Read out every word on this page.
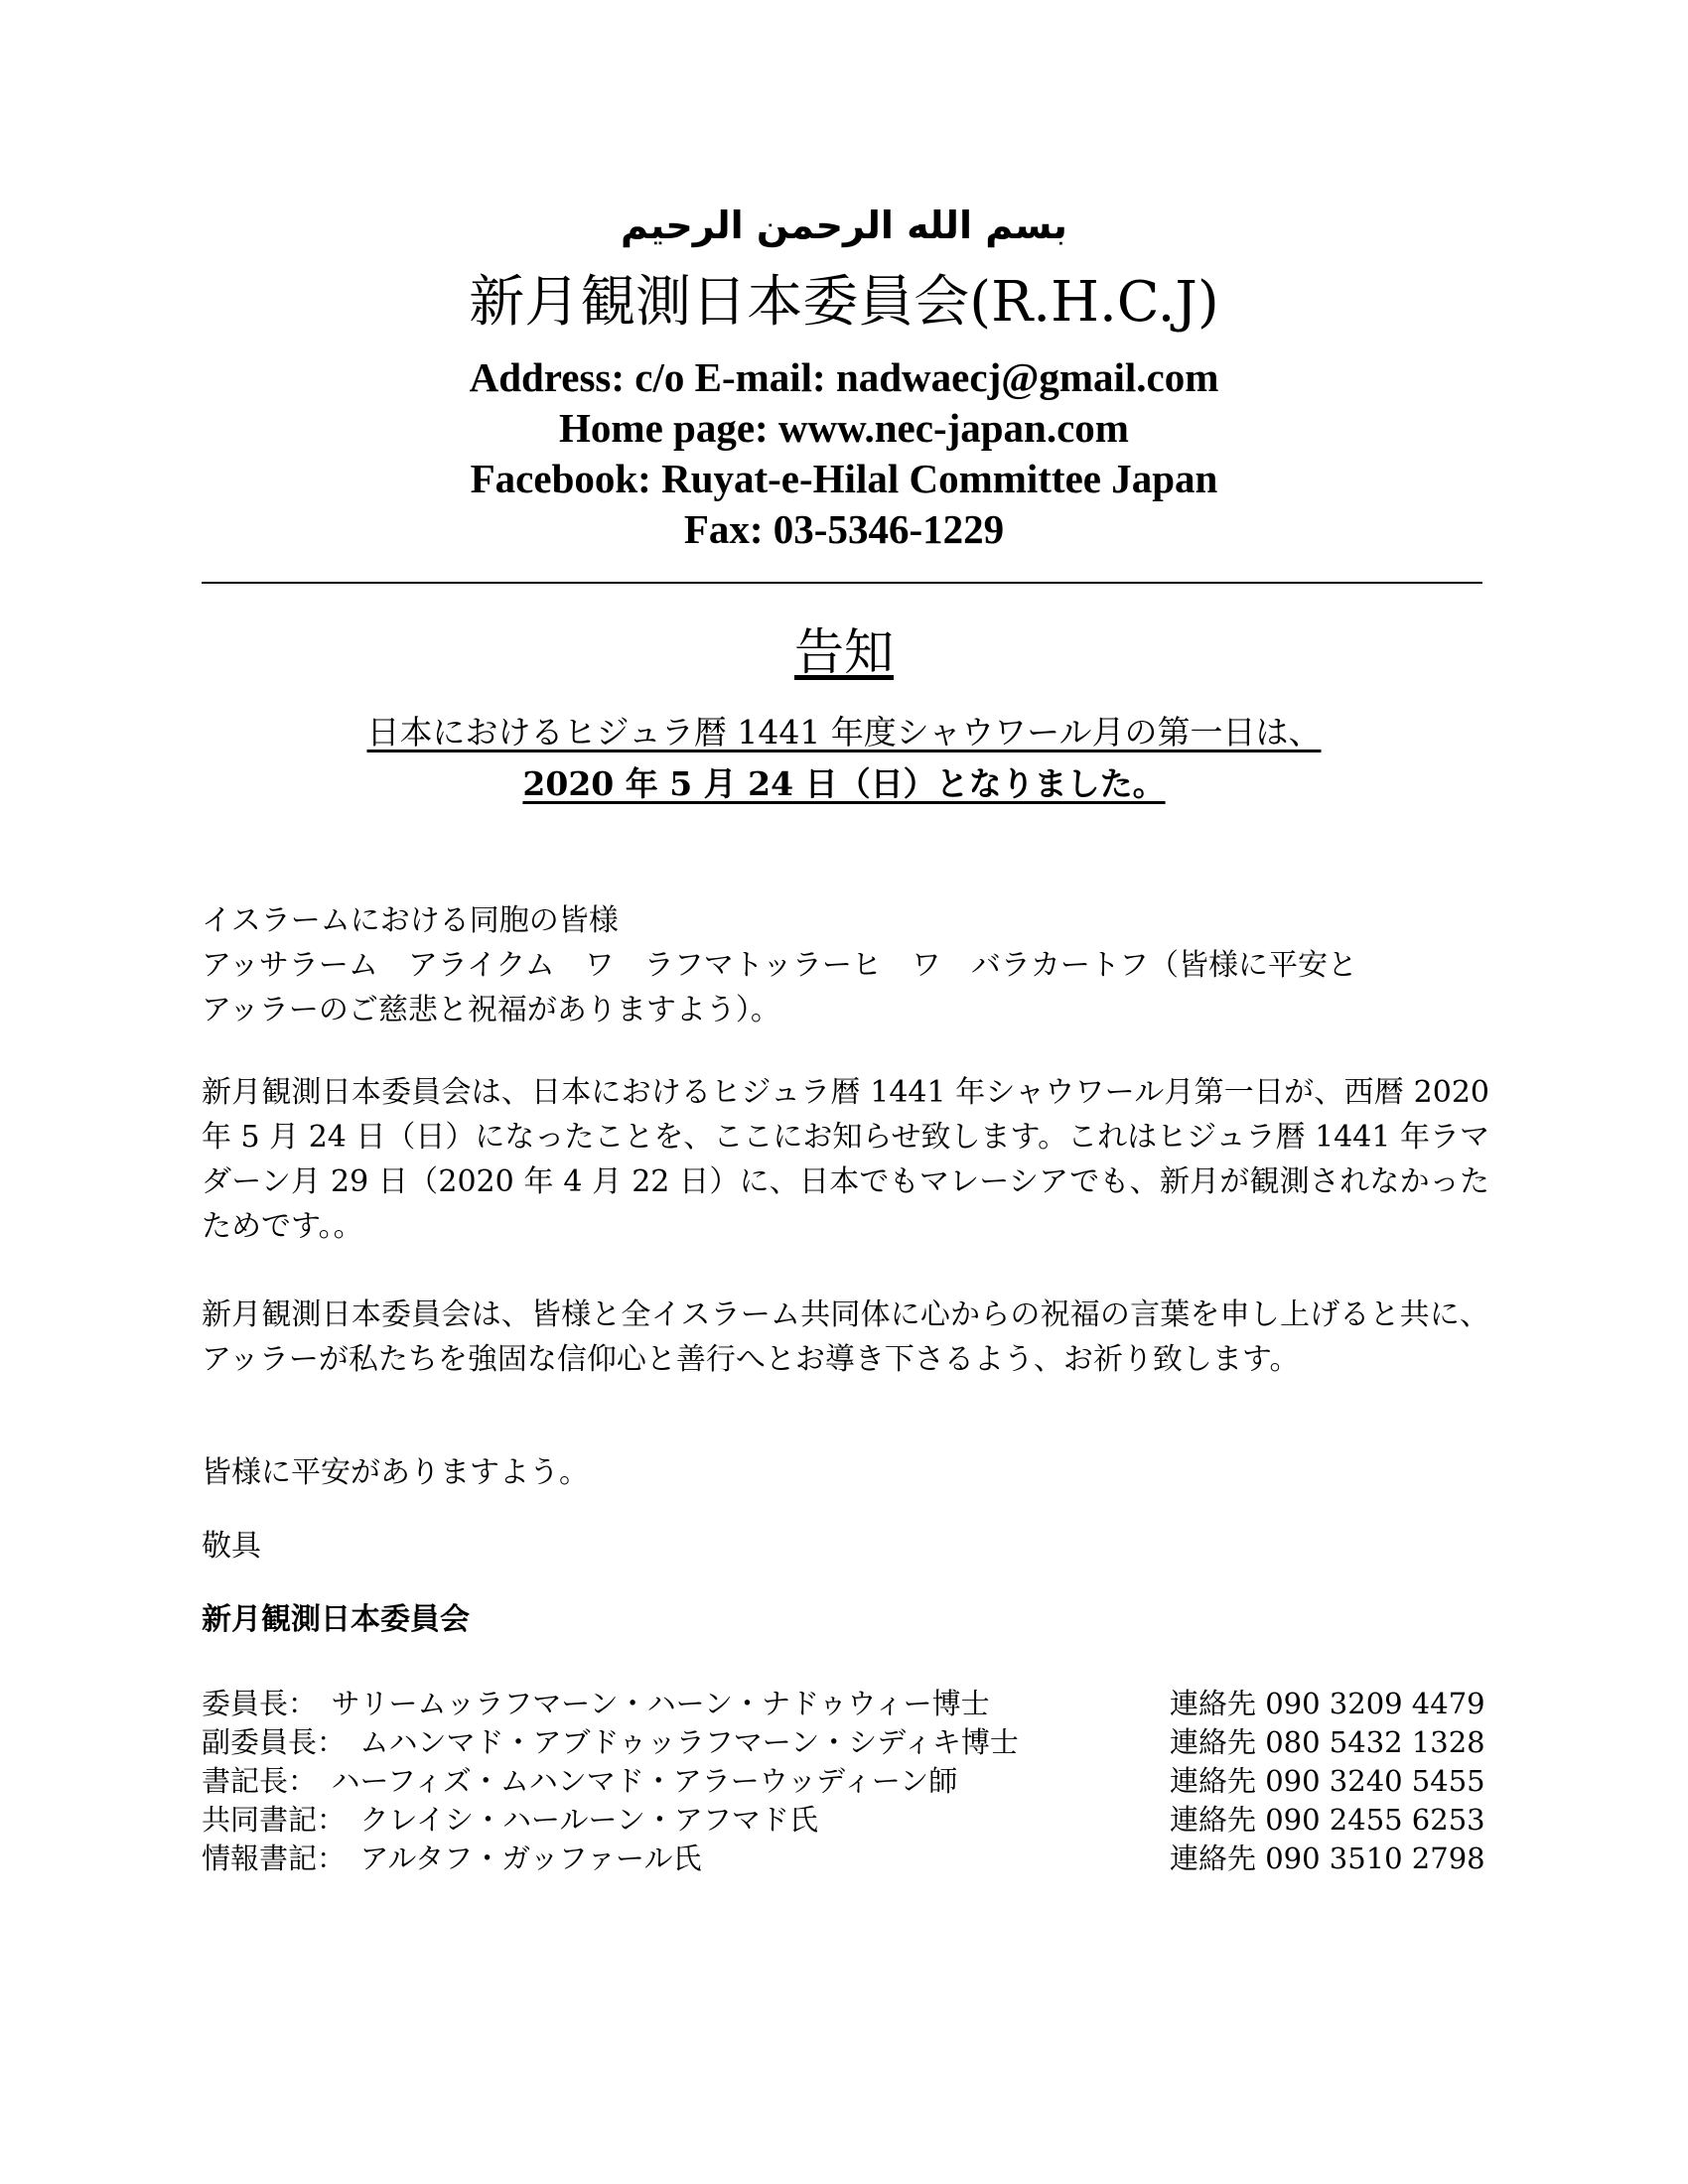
بسم الله الرحمن الرحيم
新月観測日本委員会(R.H.C.J)
Address: c/o E-mail: nadwaecj@gmail.com
Home page: www.nec-japan.com
Facebook: Ruyat-e-Hilal Committee Japan
Fax: 03-5346-1229
告知
日本におけるヒジュラ暦 1441 年度シャウワール月の第一日は、
2020 年 5 月 24 日（日）となりました。
イスラームにおける同胞の皆様
アッサラーム　アライクム　ワ　ラフマトッラーヒ　ワ　バラカートフ（皆様に平安と
アッラーのご慈悲と祝福がありますよう）。
新月観測日本委員会は、日本におけるヒジュラ暦 1441 年シャウワール月第一日が、西暦 2020 年 5 月 24 日（日）になったことを、ここにお知らせ致します。これはヒジュラ暦 1441 年ラマダーン月 29 日（2020 年 4 月 22 日）に、日本でもマレーシアでも、新月が観測されなかったためです。。
新月観測日本委員会は、皆様と全イスラーム共同体に心からの祝福の言葉を申し上げると共に、アッラーが私たちを強固な信仰心と善行へとお導き下さるよう、お祈り致します。
皆様に平安がありますよう。
敬具
新月観測日本委員会
委員長：　サリームッラフマーン・ハーン・ナドゥウィー博士	連絡先 090 3209 4479
副委員長：　ムハンマド・アブドゥッラフマーン・シディキ博士	連絡先 080 5432 1328
書記長：　ハーフィズ・ムハンマド・アラーウッディーン師	連絡先 090 3240 5455
共同書記：　クレイシ・ハールーン・アフマド氏	連絡先 090 2455 6253
情報書記：　アルタフ・ガッファール氏	連絡先 090 3510 2798
